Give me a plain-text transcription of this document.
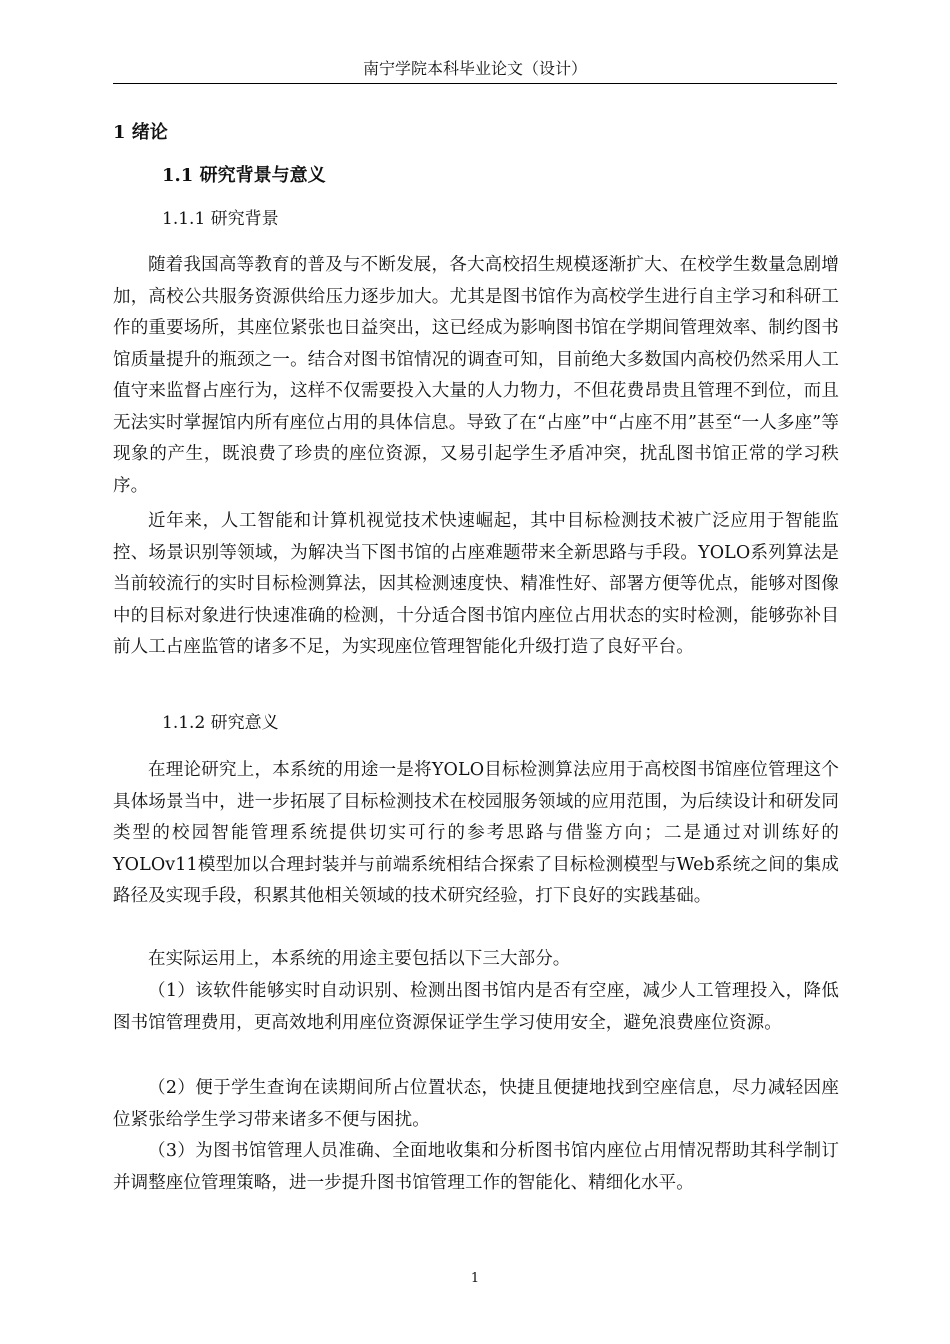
南宁学院本科毕业论文（设计）
1 绪论
1.1 研究背景与意义
1.1.1 研究背景

随着我国高等教育的普及与不断发展，各大高校招生规模逐渐扩大、在校学生数量急剧增加，高校公共服务资源供给压力逐步加大。尤其是图书馆作为高校学生进行自主学习和科研工作的重要场所，其座位紧张也日益突出，这已经成为影响图书馆在学期间管理效率、制约图书馆质量提升的瓶颈之一。结合对图书馆情况的调查可知，目前绝大多数国内高校仍然采用人工值守来监督占座行为，这样不仅需要投入大量的人力物力，不但花费昂贵且管理不到位，而且无法实时掌握馆内所有座位占用的具体信息。导致了在“占座”中“占座不用”甚至“一人多座”等现象的产生，既浪费了珍贵的座位资源，又易引起学生矛盾冲突，扰乱图书馆正常的学习秩序。

近年来，人工智能和计算机视觉技术快速崛起，其中目标检测技术被广泛应用于智能监控、场景识别等领域，为解决当下图书馆的占座难题带来全新思路与手段。YOLO系列算法是当前较流行的实时目标检测算法，因其检测速度快、精准性好、部署方便等优点，能够对图像中的目标对象进行快速准确的检测，十分适合图书馆内座位占用状态的实时检测，能够弥补目前人工占座监管的诸多不足，为实现座位管理智能化升级打造了良好平台。

1.1.2 研究意义

在理论研究上，本系统的用途一是将YOLO目标检测算法应用于高校图书馆座位管理这个具体场景当中，进一步拓展了目标检测技术在校园服务领域的应用范围，为后续设计和研发同类型的校园智能管理系统提供切实可行的参考思路与借鉴方向；二是通过对训练好的YOLOv11模型加以合理封装并与前端系统相结合探索了目标检测模型与Web系统之间的集成路径及实现手段，积累其他相关领域的技术研究经验，打下良好的实践基础。

在实际运用上，本系统的用途主要包括以下三大部分。

（1）该软件能够实时自动识别、检测出图书馆内是否有空座，减少人工管理投入，降低图书馆管理费用，更高效地利用座位资源保证学生学习使用安全，避免浪费座位资源。

（2）便于学生查询在读期间所占位置状态，快捷且便捷地找到空座信息，尽力减轻因座位紧张给学生学习带来诸多不便与困扰。

（3）为图书馆管理人员准确、全面地收集和分析图书馆内座位占用情况帮助其科学制订并调整座位管理策略，进一步提升图书馆管理工作的智能化、精细化水平。

1
